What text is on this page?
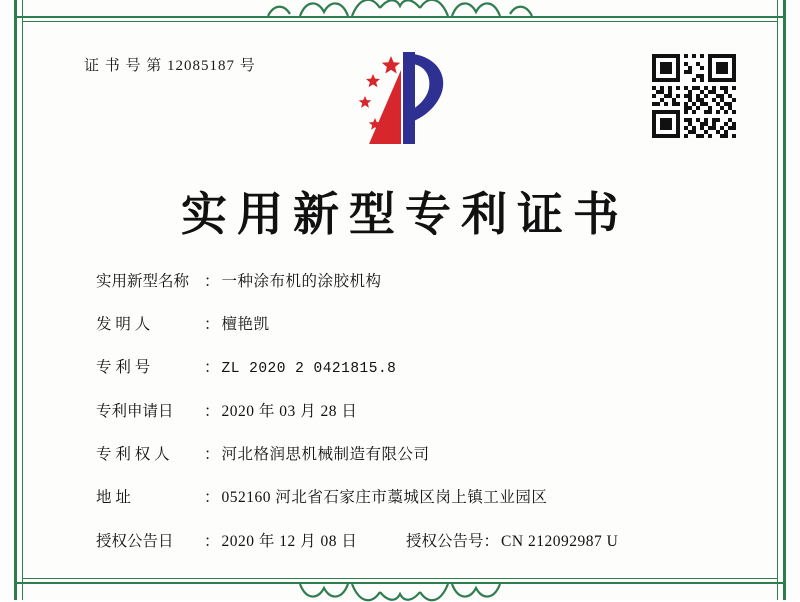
证 书 号 第 12085187 号
实用新型专利证书
实用新型名称 ： 一种涂布机的涂胶机构
发 明 人	： 檀艳凯
专 利 号	： ZL 2020 2 0421815.8
专利申请日	： 2020 年 03 月 28 日
专 利 权 人	： 河北格润思机械制造有限公司
地 址	： 052160 河北省石家庄市藁城区岗上镇工业园区
授权公告日	： 2020 年 12 月 08 日	授权公告号 ： CN 212092987 U
